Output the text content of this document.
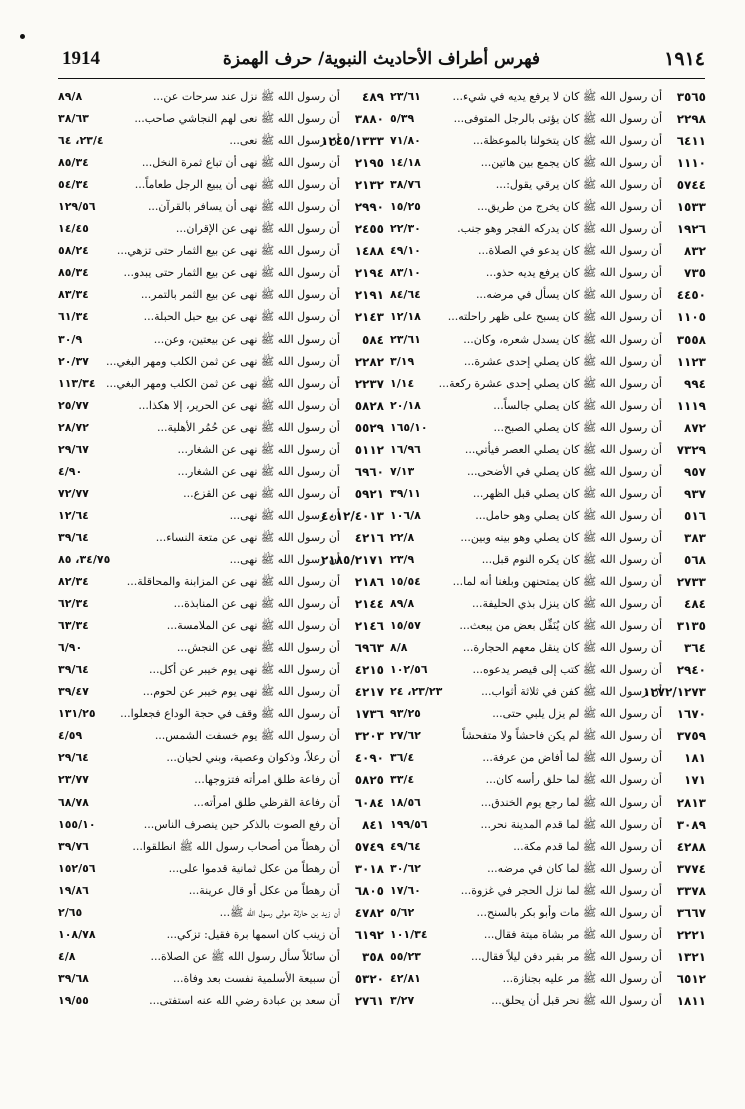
1914	فهرس أطراف الأحاديث النبوية/ حرف الهمزة	١٩١٤
٣٥٦٥
أن رسول الله ﷺ كان لا يرفع يديه في شيء...
٢٣/٦١
٢٢٩٨
أن رسول الله ﷺ كان يؤتى بالرجل المتوفى...
٥/٣٩
٦٤١١
أن رسول الله ﷺ كان يتخولنا بالموعظة...
٧١/٨٠
١١١٠
أن رسول الله ﷺ كان يجمع بين هاتين...
١٤/١٨
٥٧٤٤
أن رسول الله ﷺ كان يرقي يقول:...
٣٨/٧٦
١٥٣٣
أن رسول الله ﷺ كان يخرج من طريق...
١٥/٢٥
١٩٢٦
أن رسول الله ﷺ كان يدركه الفجر وهو جنب.
٢٢/٣٠
٨٣٢
أن رسول الله ﷺ كان يدعو في الصلاة...
٤٩/١٠
٧٣٥
أن رسول الله ﷺ كان يرفع يديه حذو...
٨٣/١٠
٤٤٥٠
أن رسول الله ﷺ كان يسأل في مرضه...
٨٤/٦٤
١١٠٥
أن رسول الله ﷺ كان يسبح على ظهر راحلته...
١٢/١٨
٣٥٥٨
أن رسول الله ﷺ كان يسدل شعره، وكان...
٢٣/٦١
١١٢٣
أن رسول الله ﷺ كان يصلي إحدى عشرة...
٣/١٩
٩٩٤
أن رسول الله ﷺ كان يصلي إحدى عشرة ركعة...
١/١٤
١١١٩
أن رسول الله ﷺ كان يصلي جالساً...
٢٠/١٨
٨٧٢
أن رسول الله ﷺ كان يصلي الصبح...
١٦٥/١٠
٧٣٢٩
أن رسول الله ﷺ كان يصلي العصر فيأتي...
١٦/٩٦
٩٥٧
أن رسول الله ﷺ كان يصلي في الأضحى...
٧/١٣
٩٣٧
أن رسول الله ﷺ كان يصلي قبل الظهر...
٣٩/١١
٥١٦
أن رسول الله ﷺ كان يصلي وهو حامل...
١٠٦/٨
٣٨٣
أن رسول الله ﷺ كان يصلي وهو بينه وبين...
٢٢/٨
٥٦٨
أن رسول الله ﷺ كان يكره النوم قبل...
٢٣/٩
٢٧٣٣
أن رسول الله ﷺ كان يمتحنهن وبلغنا أنه لما...
١٥/٥٤
٤٨٤
أن رسول الله ﷺ كان ينزل بذي الحليفة...
٨٩/٨
٣١٣٥
أن رسول الله ﷺ كان يُنَفِّل بعض من يبعث...
١٥/٥٧
٣٦٤
أن رسول الله ﷺ كان ينقل معهم الحجارة...
٨/٨
٢٩٤٠
أن رسول الله ﷺ كتب إلى قيصر يدعوه...
١٠٢/٥٦
١٢٧٢/١٢٧٣
أن رسول الله ﷺ كفن في ثلاثة أثواب...
٢٣/٢٣، ٢٤
١٦٧٠
أن رسول الله ﷺ لم يزل يلبي حتى...
٩٣/٢٥
٣٧٥٩
أن رسول الله ﷺ لم يكن فاحشاً ولا متفحشاً
٢٧/٦٢
١٨١
أن رسول الله ﷺ لما أفاض من عرفة...
٣٦/٤
١٧١
أن رسول الله ﷺ لما حلق رأسه كان...
٣٣/٤
٢٨١٣
أن رسول الله ﷺ لما رجع يوم الخندق...
١٨/٥٦
٣٠٨٩
أن رسول الله ﷺ لما قدم المدينة نحر...
١٩٩/٥٦
٤٢٨٨
أن رسول الله ﷺ لما قدم مكة...
٤٩/٦٤
٣٧٧٤
أن رسول الله ﷺ لما كان في مرضه...
٣٠/٦٢
٣٣٧٨
أن رسول الله ﷺ لما نزل الحجر في غزوة...
١٧/٦٠
٣٦٦٧
أن رسول الله ﷺ مات وأبو بكر بالسنح...
٥/٦٢
٢٢٢١
أن رسول الله ﷺ مر بشاة ميتة فقال...
١٠١/٣٤
١٣٢١
أن رسول الله ﷺ مر بقبر دفن ليلاً فقال...
٥٥/٢٣
٦٥١٢
أن رسول الله ﷺ مر عليه بجنازة...
٤٢/٨١
١٨١١
أن رسول الله ﷺ نحر قبل أن يحلق...
٣/٢٧
٤٨٩
أن رسول الله ﷺ نزل عند سرحات عن...
٨٩/٨
٣٨٨٠
أن رسول الله ﷺ نعى لهم النجاشي صاحب...
٣٨/٦٣
١٢٤٥/١٣٣٣
أن رسول الله ﷺ نعى...
٢٣/٤، ٦٤
٢١٩٥
أن رسول الله ﷺ نهى أن تباع ثمرة النخل...
٨٥/٣٤
٢١٣٢
أن رسول الله ﷺ نهى أن يبيع الرجل طعاماً...
٥٤/٣٤
٢٩٩٠
أن رسول الله ﷺ نهى أن يسافر بالقرآن...
١٢٩/٥٦
٢٤٥٥
أن رسول الله ﷺ نهى عن الإقران...
١٤/٤٥
١٤٨٨
أن رسول الله ﷺ نهى عن بيع الثمار حتى تزهي...
٥٨/٢٤
٢١٩٤
أن رسول الله ﷺ نهى عن بيع الثمار حتى يبدو...
٨٥/٣٤
٢١٩١
أن رسول الله ﷺ نهى عن بيع الثمر بالتمر...
٨٣/٣٤
٢١٤٣
أن رسول الله ﷺ نهى عن بيع حبل الحبلة...
٦١/٣٤
٥٨٤
أن رسول الله ﷺ نهى عن بيعتين، وعن...
٣٠/٩
٢٢٨٢
أن رسول الله ﷺ نهى عن ثمن الكلب ومهر البغي...
٢٠/٣٧
٢٢٣٧
أن رسول الله ﷺ نهى عن ثمن الكلب ومهر البغي...
١١٣/٣٤
٥٨٢٨
أن رسول الله ﷺ نهى عن الحرير، إلا هكذا...
٢٥/٧٧
٥٥٢٩
أن رسول الله ﷺ نهى عن حُمُر الأهلية...
٢٨/٧٢
٥١١٢
أن رسول الله ﷺ نهى عن الشغار...
٢٩/٦٧
٦٩٦٠
أن رسول الله ﷺ نهى عن الشغار...
٤/٩٠
٥٩٢١
أن رسول الله ﷺ نهى عن القزع...
٧٢/٧٧
٤٠١٢/٤٠١٣
أن رسول الله ﷺ نهى...
١٢/٦٤
٤٢١٦
أن رسول الله ﷺ نهى عن متعة النساء...
٣٩/٦٤
٢١٨٥/٢١٧١
أن رسول الله ﷺ نهى...
٣٤/٧٥، ٨٥
٢١٨٦
أن رسول الله ﷺ نهى عن المزابنة والمحاقلة...
٨٢/٣٤
٢١٤٤
أن رسول الله ﷺ نهى عن المنابذة...
٦٢/٣٤
٢١٤٦
أن رسول الله ﷺ نهى عن الملامسة...
٦٣/٣٤
٦٩٦٣
أن رسول الله ﷺ نهى عن النجش...
٦/٩٠
٤٢١٥
أن رسول الله ﷺ نهى يوم خيبر عن أكل...
٣٩/٦٤
٤٢١٧
أن رسول الله ﷺ نهى يوم خيبر عن لحوم...
٣٩/٤٧
١٧٣٦
أن رسول الله ﷺ وقف في حجة الوداع فجعلوا...
١٣١/٢٥
٣٢٠٣
أن رسول الله ﷺ يوم خسفت الشمس...
٤/٥٩
٤٠٩٠
أن رعلاً، وذكوان وعصية، وبني لحيان...
٢٩/٦٤
٥٨٢٥
أن رفاعة طلق امرأته فتزوجها...
٢٣/٧٧
٦٠٨٤
أن رفاعة القرظي طلق امرأته...
٦٨/٧٨
٨٤١
أن رفع الصوت بالذكر حين ينصرف الناس...
١٥٥/١٠
٥٧٤٩
أن رهطاً من أصحاب رسول الله ﷺ انطلقوا...
٣٩/٧٦
٣٠١٨
أن رهطاً من عكل ثمانية قدموا على...
١٥٢/٥٦
٦٨٠٥
أن رهطاً من عكل أو قال عرينة...
١٩/٨٦
٤٧٨٢
أن زيد بن حارثة مولى رسول الله ﷺ...
٢/٦٥
٦١٩٢
أن زينب كان اسمها برة فقيل: تزكي...
١٠٨/٧٨
٣٥٨
أن سائلاً سأل رسول الله ﷺ عن الصلاة...
٤/٨
٥٣٢٠
أن سبيعة الأسلمية نفست بعد وفاة...
٣٩/٦٨
٢٧٦١
أن سعد بن عبادة رضي الله عنه استفتى...
١٩/٥٥
